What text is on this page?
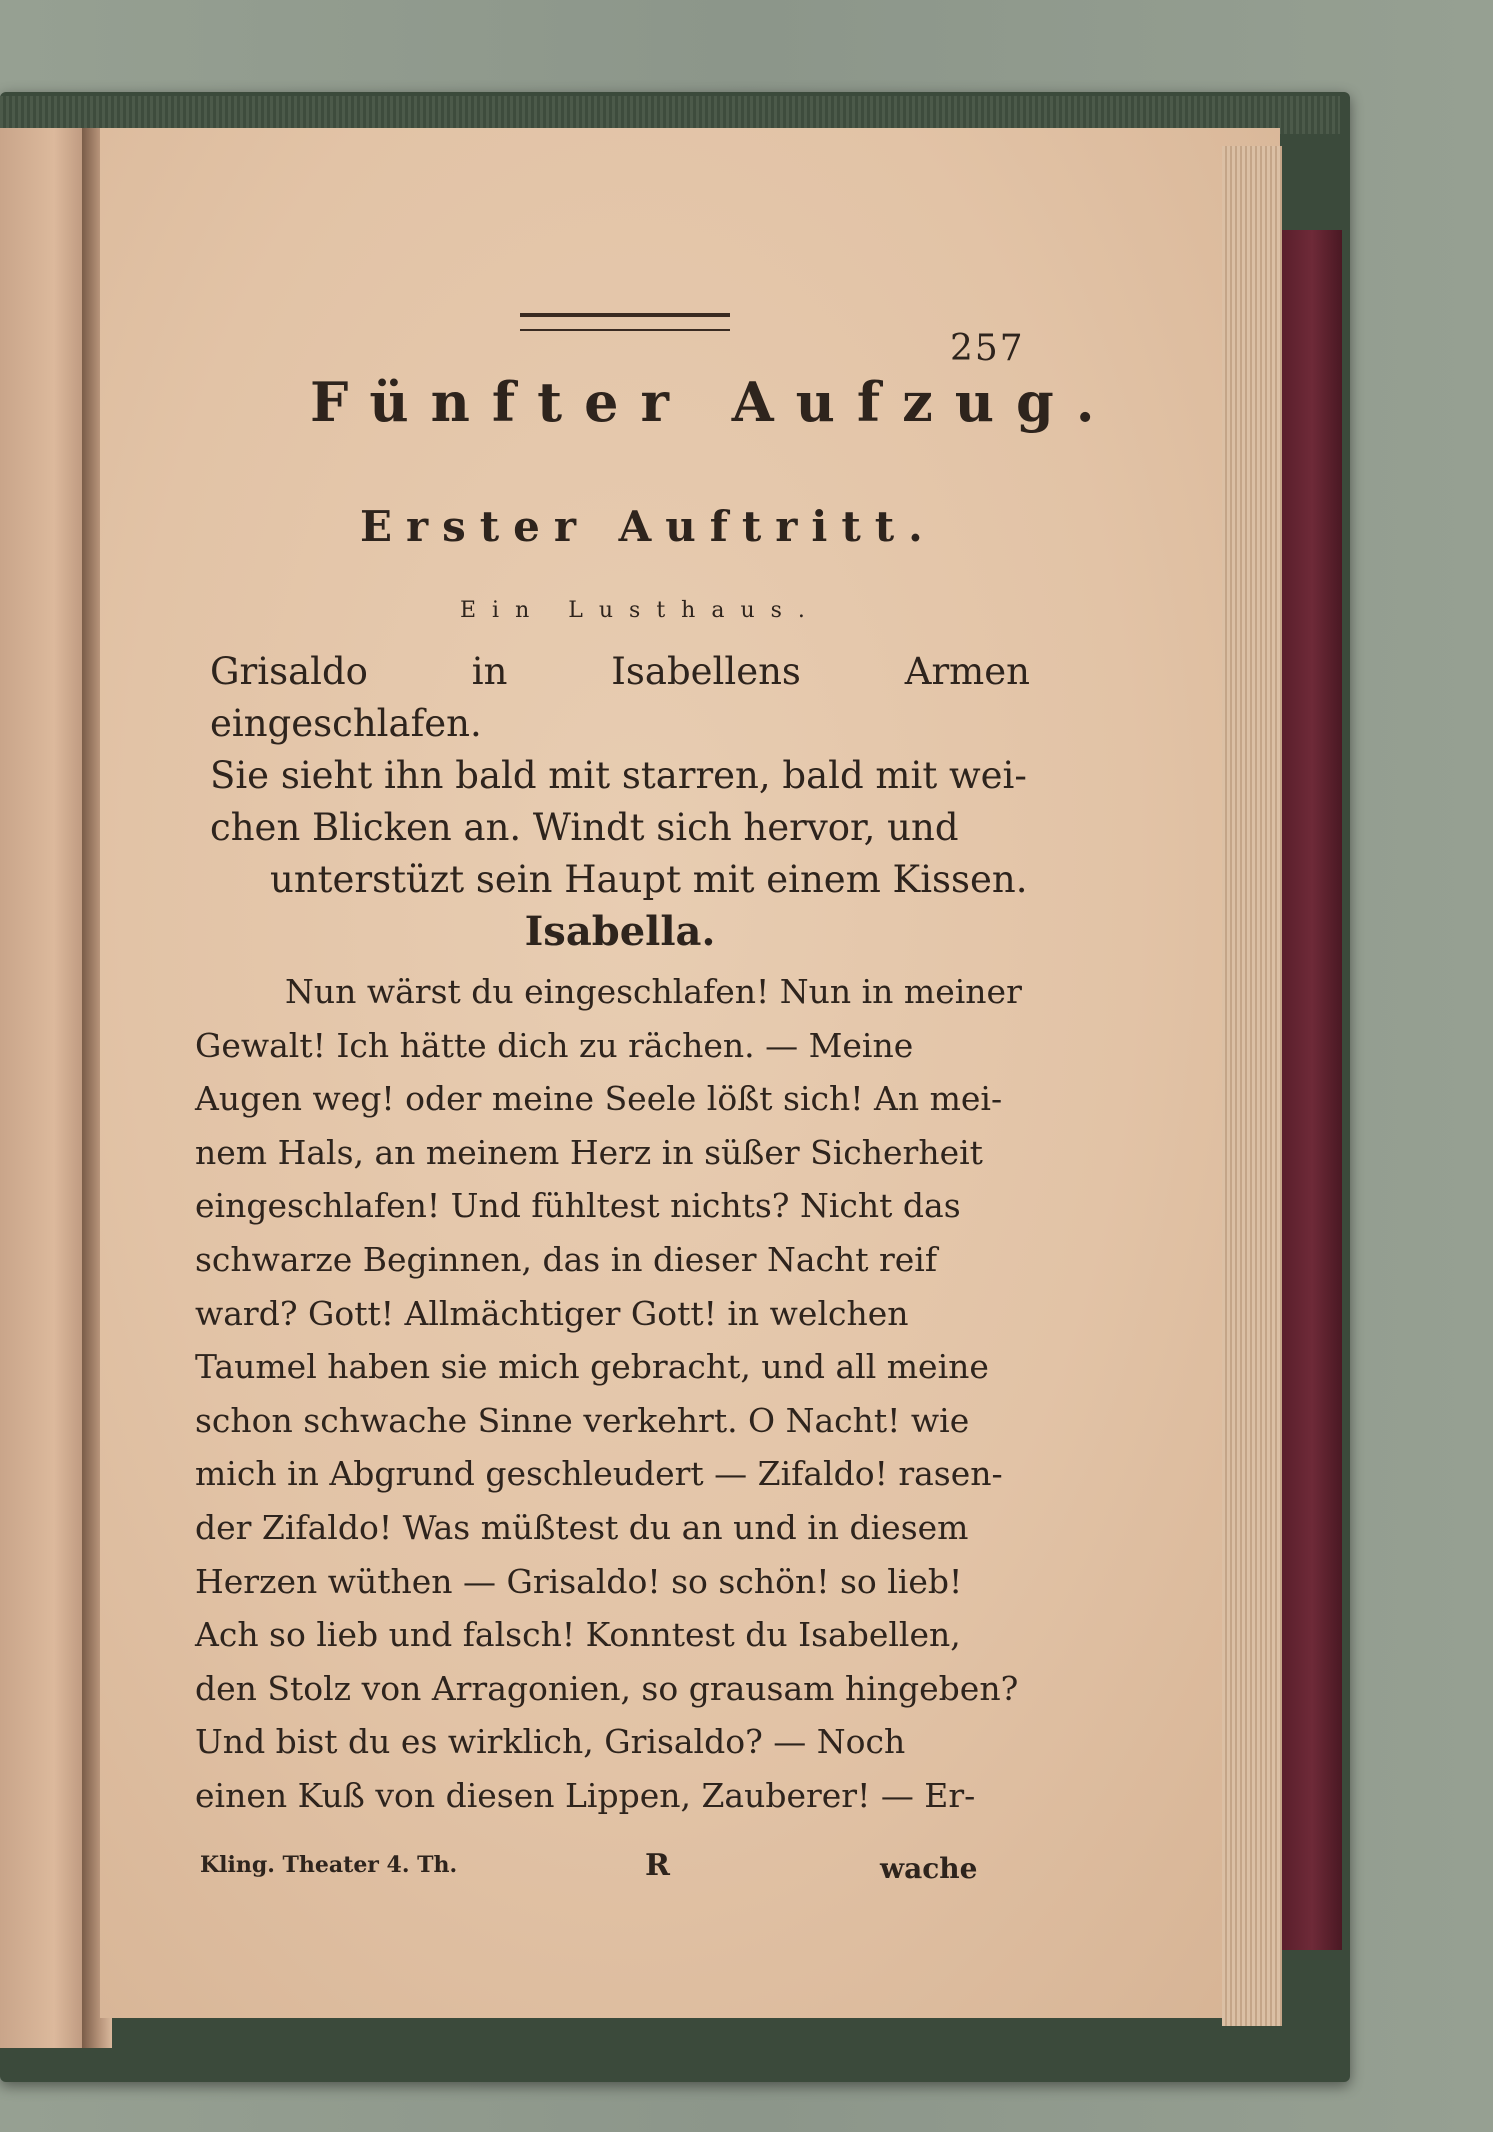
257
Fünfter Aufzug.
Erster Auftritt.
Ein Lusthaus.
Grisaldo in Isabellens Armen eingeschlafen.
Sie sieht ihn bald mit starren, bald mit wei-
chen Blicken an. Windt sich hervor, und
unterstüzt sein Haupt mit einem Kissen.
Isabella.
Nun wärst du eingeschlafen! Nun in meiner
Gewalt! Ich hätte dich zu rächen. — Meine
Augen weg! oder meine Seele lößt sich! An mei-
nem Hals, an meinem Herz in süßer Sicherheit
eingeschlafen! Und fühltest nichts? Nicht das
schwarze Beginnen, das in dieser Nacht reif
ward? Gott! Allmächtiger Gott! in welchen
Taumel haben sie mich gebracht, und all meine
schon schwache Sinne verkehrt. O Nacht! wie
mich in Abgrund geschleudert — Zifaldo! rasen-
der Zifaldo! Was müßtest du an und in diesem
Herzen wüthen — Grisaldo! so schön! so lieb!
Ach so lieb und falsch! Konntest du Isabellen,
den Stolz von Arragonien, so grausam hingeben?
Und bist du es wirklich, Grisaldo? — Noch
einen Kuß von diesen Lippen, Zauberer! — Er-
Kling. Theater 4. Th.	R	wache
